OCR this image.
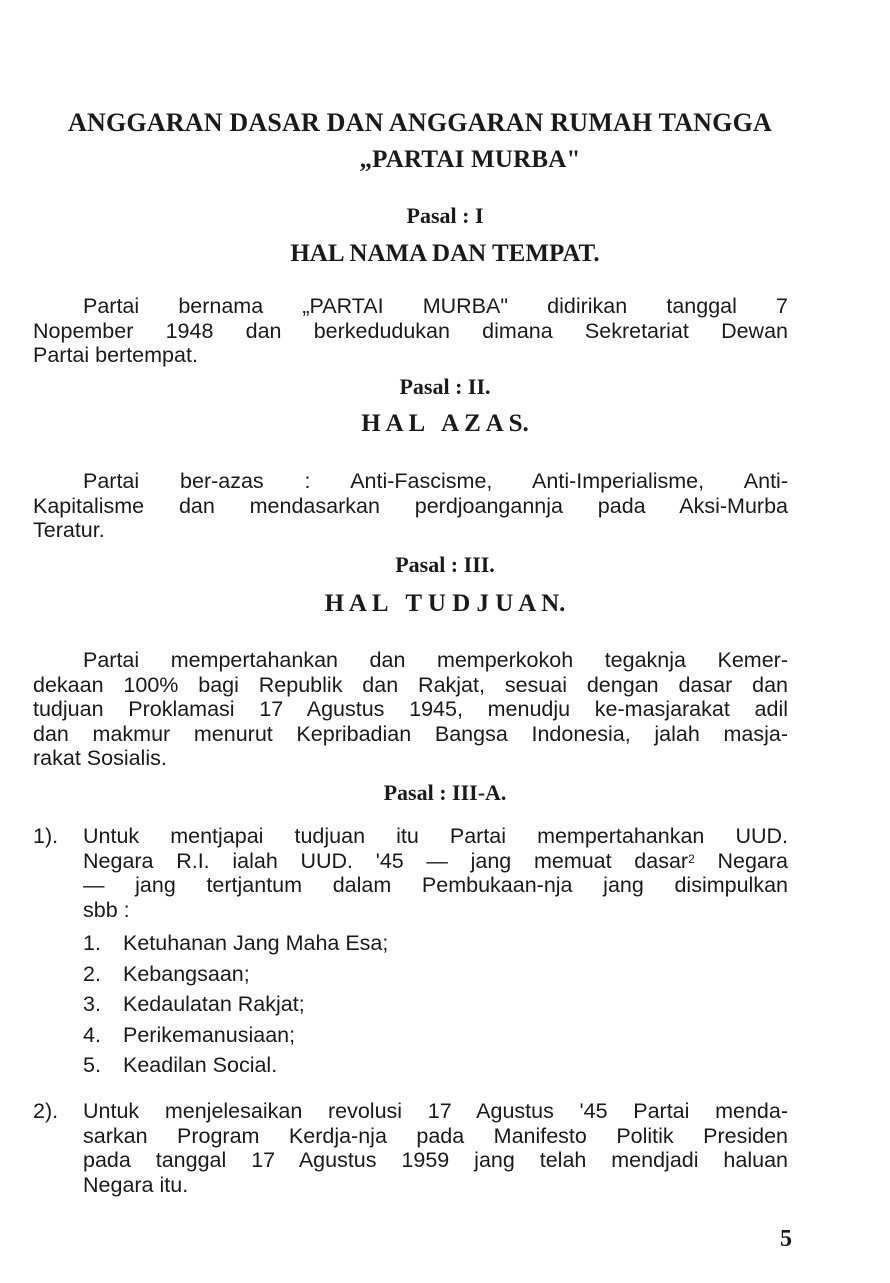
ANGGARAN DASAR DAN ANGGARAN RUMAH TANGGA
„PARTAI MURBA"
Pasal : I
HAL NAMA DAN TEMPAT.
Partai bernama „PARTAI MURBA" didirikan tanggal 7
Nopember 1948 dan berkedudukan dimana Sekretariat Dewan
Partai bertempat.
Pasal : II.
H A L   A Z A S.
Partai ber-azas : Anti-Fascisme, Anti-Imperialisme, Anti-
Kapitalisme dan mendasarkan perdjoangannja pada Aksi-Murba
Teratur.
Pasal : III.
H A L   T U D J U A N.
Partai mempertahankan dan memperkokoh tegaknja Kemer-
dekaan 100% bagi Republik dan Rakjat, sesuai dengan dasar dan
tudjuan Proklamasi 17 Agustus 1945, menudju ke-masjarakat adil
dan makmur menurut Kepribadian Bangsa Indonesia, jalah masja-
rakat Sosialis.
Pasal : III-A.
1). Untuk mentjapai tudjuan itu Partai mempertahankan UUD.
Negara R.I. ialah UUD. '45 — jang memuat dasar$^2$ Negara
— jang tertjantum dalam Pembukaan-nja jang disimpulkan
sbb :
1. Ketuhanan Jang Maha Esa;
2. Kebangsaan;
3. Kedaulatan Rakjat;
4. Perikemanusiaan;
5. Keadilan Social.
2). Untuk menjelesaikan revolusi 17 Agustus '45 Partai menda-
sarkan Program Kerdja-nja pada Manifesto Politik Presiden
pada tanggal 17 Agustus 1959 jang telah mendjadi haluan
Negara itu.
5
